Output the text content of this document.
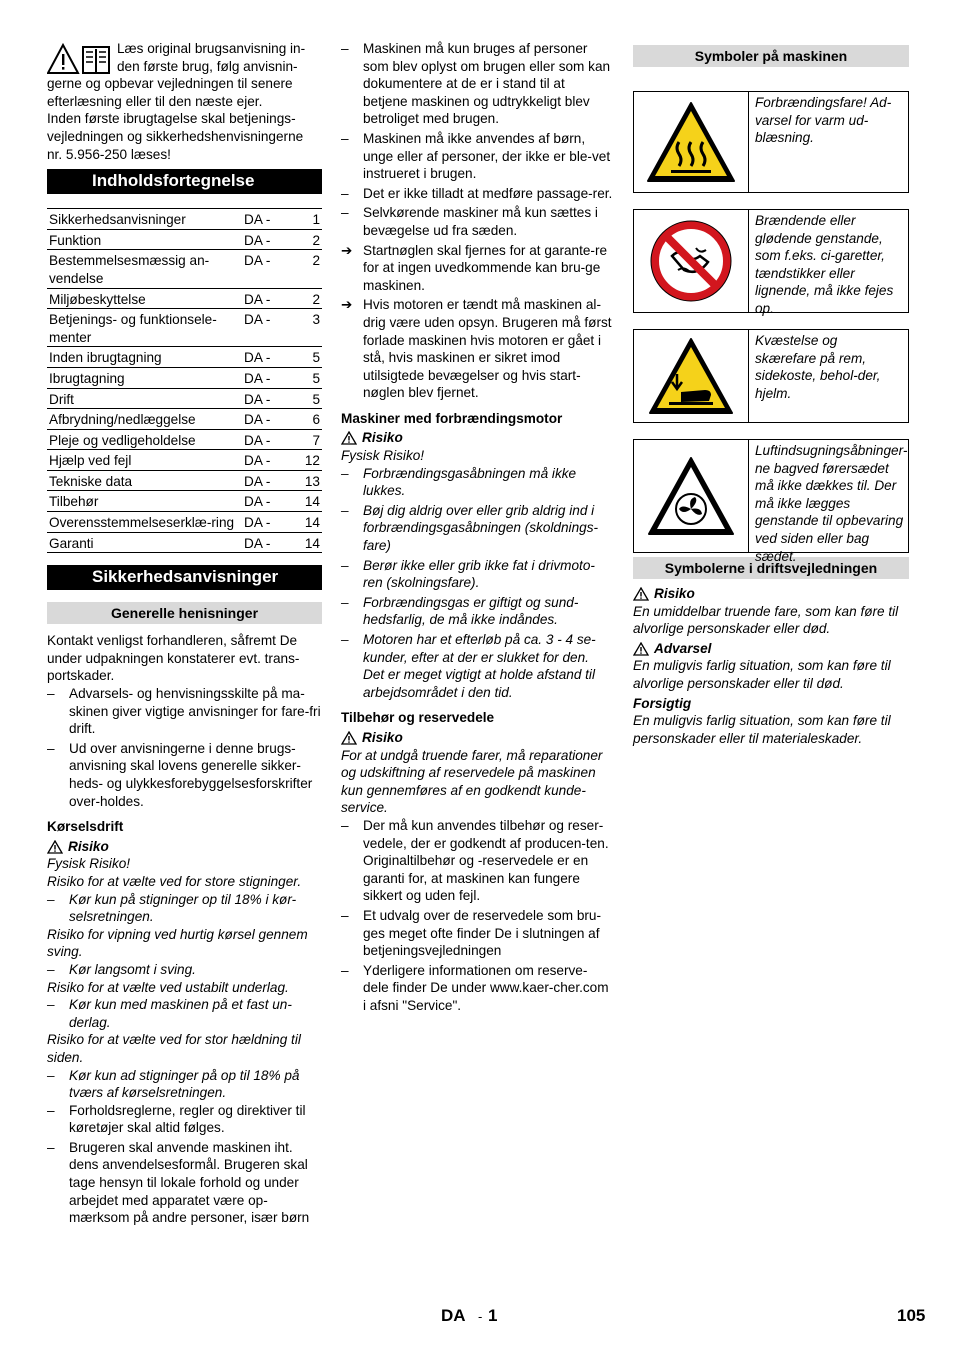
Læs original brugsanvisning in-den første brug, følg anvisnin-gerne og opbevar vejledningen til senere efterlæsning eller til den næste ejer.

Inden første ibrugtagelse skal betjenings-vejledningen og sikkerhedshenvisningerne nr. 5.956-250 læses!

Indholdsfortegnelse
Sikkerhedsanvisninger	DA -	1
Funktion	DA -	2
Bestemmelsesmæssig an-vendelse	DA -	2
Miljøbeskyttelse	DA -	2
Betjenings- og funktionsele-menter	DA -	3
Inden ibrugtagning	DA -	5
Ibrugtagning	DA -	5
Drift	DA -	5
Afbrydning/nedlæggelse	DA -	6
Pleje og vedligeholdelse	DA -	7
Hjælp ved fejl	DA -	12
Tekniske data	DA -	13
Tilbehør	DA -	14
Overensstemmelseserklæ-ring	DA -	14
Garanti	DA -	14
Sikkerhedsanvisninger
Generelle henisninger

Kontakt venligst forhandleren, såfremt De under udpakningen konstaterer evt. trans-portskader.

–	Advarsels- og henvisningsskilte på ma-skinen giver vigtige anvisninger for fare-fri drift.
–	Ud over anvisningerne i denne brugs-anvisning skal lovens generelle sikker-heds- og ulykkesforebyggelsesforskrifter over-holdes.

Kørselsdrift

Risiko

Fysisk Risiko!

Risiko for at vælte ved for store stigninger.

–	Kør kun på stigninger op til 18% i kør-selsretningen.

Risiko for vipning ved hurtig kørsel gennem sving.

–	Kør langsomt i sving.

Risiko for at vælte ved ustabilt underlag.

–	Kør kun med maskinen på et fast un-derlag.

Risiko for at vælte ved for stor hældning til siden.

–	Kør kun ad stigninger på op til 18% på tværs af kørselsretningen.
–	Forholdsreglerne, regler og direktiver til køretøjer skal altid følges.
–	Brugeren skal anvende maskinen iht. dens anvendelsesformål. Brugeren skal tage hensyn til lokale forhold og under arbejdet med apparatet være op-mærksom på andre personer, især børn
–	Maskinen må kun bruges af personer som blev oplyst om brugen eller som kan dokumentere at de er i stand til at betjene maskinen og udtrykkeligt blev betroliget med brugen.
–	Maskinen må ikke anvendes af børn, unge eller af personer, der ikke er ble-vet instrueret i brugen.
–	Det er ikke tilladt at medføre passage-rer.
–	Selvkørende maskiner må kun sættes i bevægelse ud fra sæden.
➔ Startnøglen skal fjernes for at garante-re for at ingen uvedkommende kan bru-ge maskinen.
➔ Hvis motoren er tændt må maskinen al-drig være uden opsyn. Brugeren må først forlade maskinen hvis motoren er gået i stå, hvis maskinen er sikret imod utilsigtede bevægelser og hvis start-nøglen blev fjernet.

Maskiner med forbrændingsmotor

Risiko

Fysisk Risiko!

–	Forbrændingsgasåbningen må ikke lukkes.
–	Bøj dig aldrig over eller grib aldrig ind i forbrændingsgasåbningen (skoldnings-fare)
–	Berør ikke eller grib ikke fat i drivmoto-ren (skolningsfare).
–	Forbrændingsgas er giftigt og sund-hedsfarlig, de må ikke indåndes.
–	Motoren har et efterløb på ca. 3 - 4 se-kunder, efter at der er slukket for den. Det er meget vigtigt at holde afstand til arbejdsområdet i den tid.

Tilbehør og reservedele

Risiko

For at undgå truende farer, må reparationer og udskiftning af reservedele på maskinen kun gennemføres af en godkendt kunde-service.

–	Der må kun anvendes tilbehør og reser-vedele, der er godkendt af producen-ten. Originaltilbehør og -reservedele er en garanti for, at maskinen kan fungere sikkert og uden fejl.
–	Et udvalg over de reservedele som bru-ges meget ofte finder De i slutningen af betjeningsvejledningen
–	Yderligere informationen om reserve-dele finder De under www.kaer-cher.com i afsni "Service".
Symboler på maskinen
Forbrændingsfare! Ad-varsel for varm ud-blæsning.
Brændende eller glødende genstande, som f.eks. ci-garetter, tændstikker eller lignende, må ikke fejes op.
Kvæstelse og skærefare på rem, sidekoste, behol-der, hjelm.
Luftindsugningsåbninger-ne bagved førersædet må ikke dækkes til. Der må ikke lægges genstande til opbevaring ved siden eller bag
Symbolerne i driftsvejledningen
Risiko

En umiddelbar truende fare, som kan føre til alvorlige personskader eller død.

Advarsel

En muligvis farlig situation, som kan føre til alvorlige personskader eller til død.

Forsigtig

En muligvis farlig situation, som kan føre til personskader eller til materialeskader.

DA - 1	105
